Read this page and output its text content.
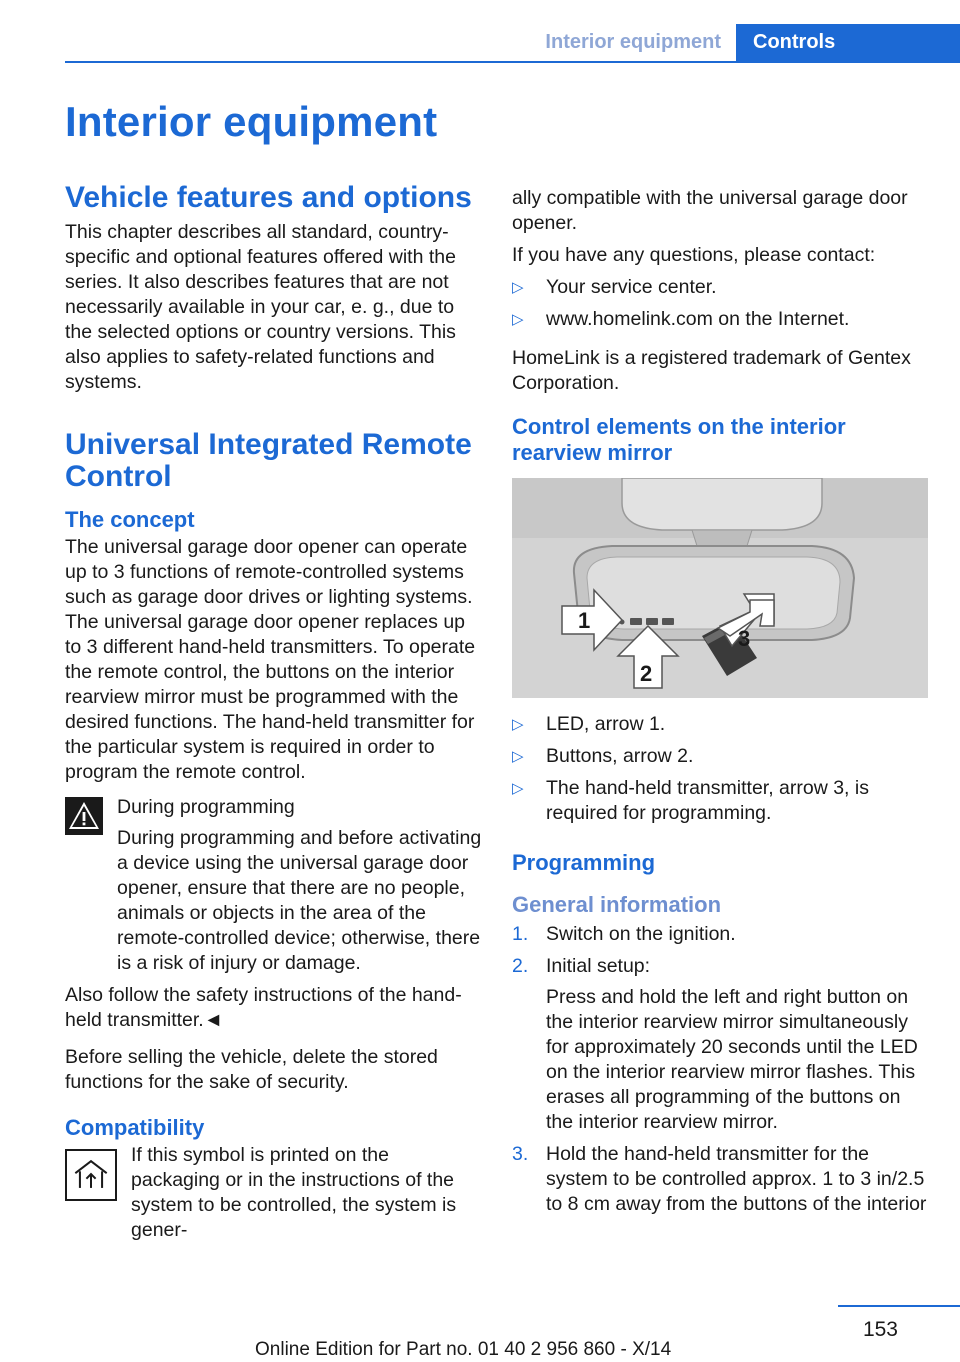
Interior equipment	Controls
Interior equipment
Vehicle features and options

This chapter describes all standard, country-specific and optional features offered with the series. It also describes features that are not necessarily available in your car, e. g., due to the selected options or country versions. This also applies to safety-related functions and systems.

Universal Integrated Remote Control
The concept

The universal garage door opener can operate up to 3 functions of remote-controlled systems such as garage door drives or lighting systems. The universal garage door opener replaces up to 3 different hand-held transmitters. To operate the remote control, the buttons on the interior rearview mirror must be programmed with the desired functions. The hand-held transmitter for the particular system is required in order to program the remote control.

During programming

During programming and before activating a device using the universal garage door opener, ensure that there are no people, animals or objects in the area of the remote-controlled device; otherwise, there is a risk of injury or damage.

Also follow the safety instructions of the hand-held transmitter.◄

Before selling the vehicle, delete the stored functions for the sake of security.

Compatibility

If this symbol is printed on the packaging or in the instructions of the system to be controlled, the system is gener-

ally compatible with the universal garage door opener.

If you have any questions, please contact:

▷ Your service center.
▷ www.homelink.com on the Internet.

HomeLink is a registered trademark of Gentex Corporation.

Control elements on the interior rearview mirror
1
2
3
▷ LED, arrow 1.
▷ Buttons, arrow 2.
▷ The hand-held transmitter, arrow 3, is required for programming.
Programming
General information
1. Switch on the ignition.
2. Initial setup:
Press and hold the left and right button on the interior rearview mirror simultaneously for approximately 20 seconds until the LED on the interior rearview mirror flashes. This erases all programming of the buttons on the interior rearview mirror.
3. Hold the hand-held transmitter for the system to be controlled approx. 1 to 3 in/2.5 to 8 cm away from the buttons of the interior
153
Online Edition for Part no. 01 40 2 956 860 - X/14
